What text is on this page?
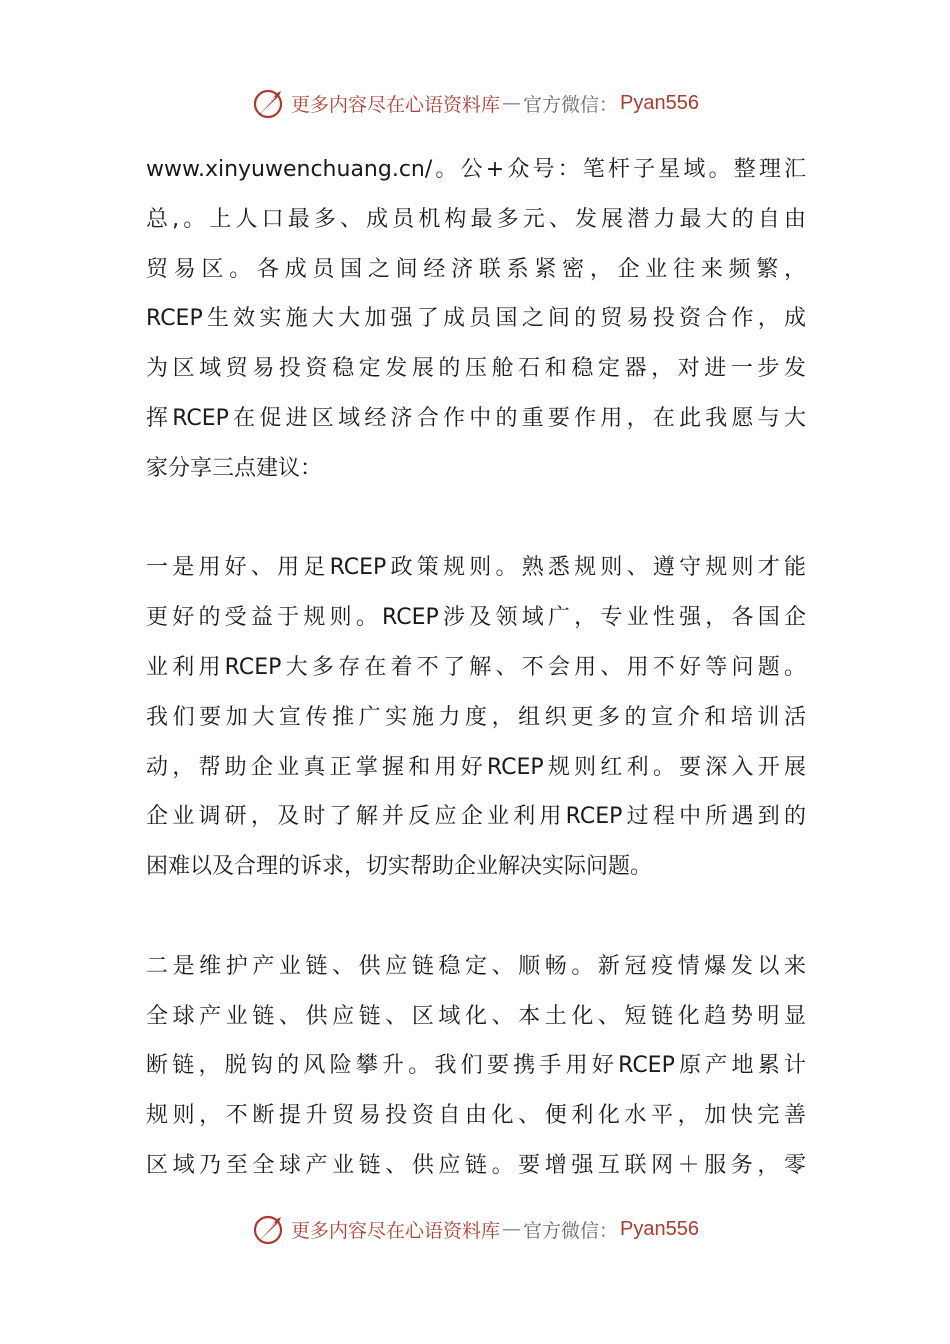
更多内容尽在心语资料库 — 官方微信： Pyan556
www.xinyuwenchuang.cn/。公+众号：笔杆子星域。整理汇
总,。上人口最多、成员机构最多元、发展潜力最大的自由
贸易区。各成员国之间经济联系紧密，企业往来频繁，
RCEP生效实施大大加强了成员国之间的贸易投资合作，成
为区域贸易投资稳定发展的压舱石和稳定器，对进一步发
挥RCEP在促进区域经济合作中的重要作用，在此我愿与大
家分享三点建议：
一是用好、用足RCEP政策规则。熟悉规则、遵守规则才能
更好的受益于规则。RCEP涉及领域广，专业性强，各国企
业利用RCEP大多存在着不了解、不会用、用不好等问题。
我们要加大宣传推广实施力度，组织更多的宣介和培训活
动，帮助企业真正掌握和用好RCEP规则红利。要深入开展
企业调研，及时了解并反应企业利用RCEP过程中所遇到的
困难以及合理的诉求，切实帮助企业解决实际问题。
二是维护产业链、供应链稳定、顺畅。新冠疫情爆发以来
全球产业链、供应链、区域化、本土化、短链化趋势明显
断链，脱钩的风险攀升。我们要携手用好RCEP原产地累计
规则，不断提升贸易投资自由化、便利化水平，加快完善
区域乃至全球产业链、供应链。要增强互联网＋服务，零
更多内容尽在心语资料库 — 官方微信： Pyan556
